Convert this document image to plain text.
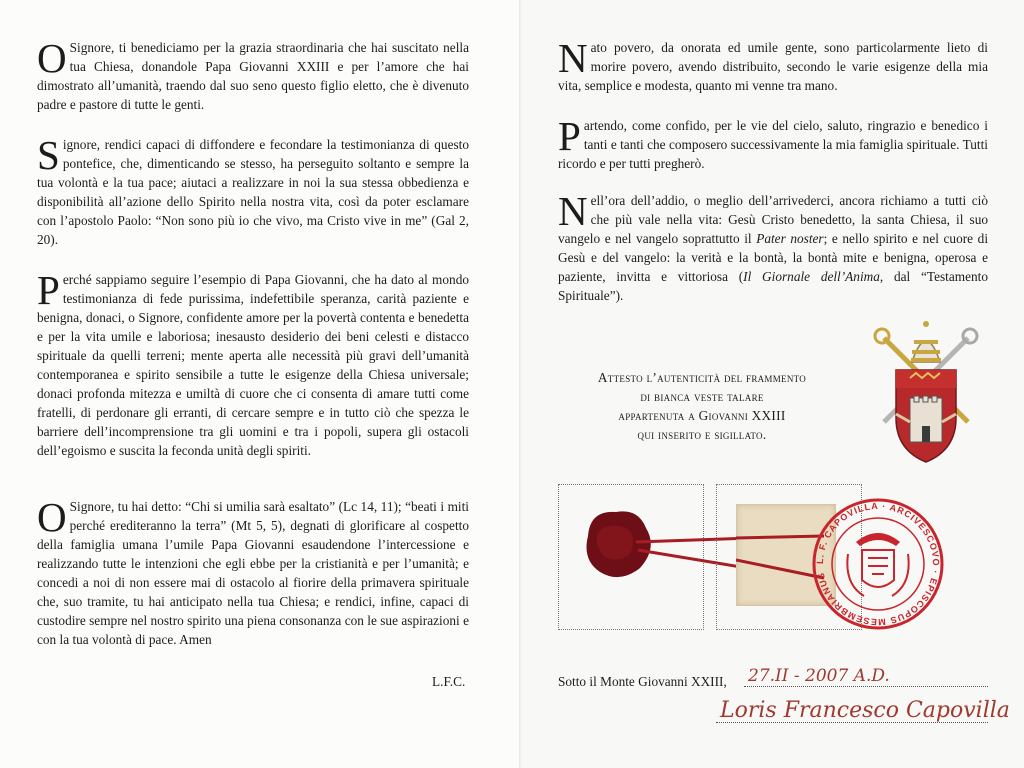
O Signore, ti benediciamo per la grazia straordinaria che hai suscitato nella tua Chiesa, donandole Papa Giovanni XXIII e per l’amore che hai dimostrato all’umanità, traendo dal suo seno questo figlio eletto, che è divenuto padre e pastore di tutte le genti.
Signore, rendici capaci di diffondere e fecondare la testimonianza di questo pontefice, che, dimenticando se stesso, ha perseguito soltanto e sempre la tua volontà e la tua pace; aiutaci a realizzare in noi la sua stessa obbedienza e disponibilità all’azione dello Spirito nella nostra vita, così da poter esclamare con l’apostolo Paolo: “Non sono più io che vivo, ma Cristo vive in me” (Gal 2, 20).
Perché sappiamo seguire l’esempio di Papa Giovanni, che ha dato al mondo testimonianza di fede purissima, indefettibile speranza, carità paziente e benigna, donaci, o Signore, confidente amore per la povertà contenta e benedetta e per la vita umile e laboriosa; inesausto desiderio dei beni celesti e distacco spirituale da quelli terreni; mente aperta alle necessità più gravi dell’umanità contemporanea e spirito sensibile a tutte le esigenze della Chiesa universale; donaci profonda mitezza e umiltà di cuore che ci consenta di amare tutti come fratelli, di perdonare gli erranti, di cercare sempre e in tutto ciò che spezza le barriere dell’incomprensione tra gli uomini e tra i popoli, supera gli ostacoli dell’egoismo e suscita la feconda unità degli spiriti.
O Signore, tu hai detto: “Chi si umilia sarà esaltato” (Lc 14, 11); “beati i miti perché erediteranno la terra” (Mt 5, 5), degnati di glorificare al cospetto della famiglia umana l’umile Papa Giovanni esaudendone l’intercessione e realizzando tutte le intenzioni che egli ebbe per la cristianità e per l’umanità; e concedi a noi di non essere mai di ostacolo al fiorire della primavera spirituale che, suo tramite, tu hai anticipato nella tua Chiesa; e rendici, infine, capaci di custodire sempre nel nostro spirito una piena consonanza con le sue aspirazioni e con la tua volontà di pace. Amen
L.F.C.
Nato povero, da onorata ed umile gente, sono particolarmente lieto di morire povero, avendo distribuito, secondo le varie esigenze della mia vita, semplice e modesta, quanto mi venne tra mano.
Partendo, come confido, per le vie del cielo, saluto, ringrazio e benedico i tanti e tanti che composero successivamente la mia famiglia spirituale. Tutti ricordo e per tutti pregherò.
Nell’ora dell’addio, o meglio dell’arrivederci, ancora richiamo a tutti ciò che più vale nella vita: Gesù Cristo benedetto, la santa Chiesa, il suo vangelo e nel vangelo soprattutto il Pater noster; e nello spirito e nel cuore di Gesù e del vangelo: la verità e la bontà, la bontà mite e benigna, operosa e paziente, invitta e vittoriosa (Il Giornale dell’Anima, dal “Testamento Spirituale”).
Attesto l’autenticità del frammento
di bianca veste talare
appartenuta a Giovanni XXIII
qui inserito e sigillato.
L. F. CAPOVILLA · ARCIVESCOVO · EPISCOPUS MESEMBRIANUS
Sotto il Monte Giovanni XXIII, 27.II - 2007 A.D.
Loris Francesco Capovilla
